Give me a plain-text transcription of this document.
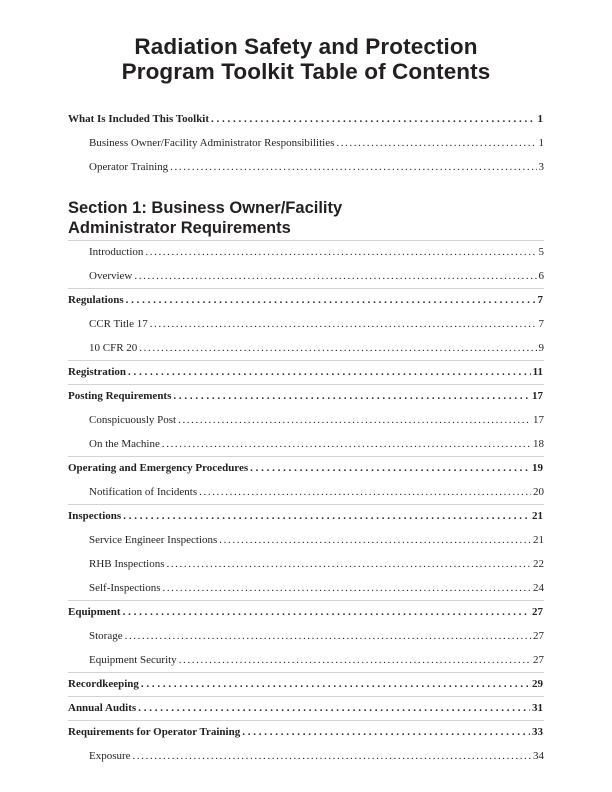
Radiation Safety and Protection
Program Toolkit Table of Contents
What Is Included This Toolkit . . .	1
Business Owner/Facility Administrator Responsibilities .....	1
Operator Training .....	3
Section 1: Business Owner/Facility
Administrator Requirements
Introduction .....	5
Overview .....	6
Regulations . . .	7
CCR Title 17 .....	7
10 CFR 20 .....	9
Registration . . .	11
Posting Requirements . . .	17
Conspicuously Post .....	17
On the Machine .....	18
Operating and Emergency Procedures . . .	19
Notification of Incidents .....	20
Inspections . . .	21
Service Engineer Inspections .....	21
RHB Inspections .....	22
Self-Inspections .....	24
Equipment . . .	27
Storage .....	27
Equipment Security .....	27
Recordkeeping . . .	29
Annual Audits . . .	31
Requirements for Operator Training . . .	33
Exposure .....	34
